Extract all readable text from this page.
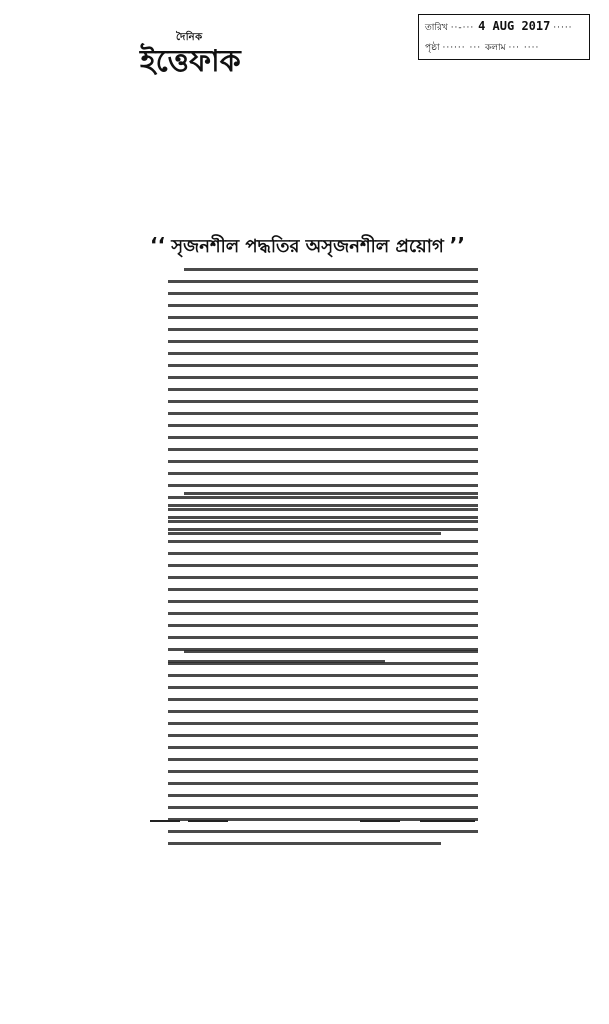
দৈনিক
ইত্তেফাক
তারিখ ··-··· 4 AUG 2017 ·····
পৃষ্ঠা ······ ··· কলাম ··· ····
‘‘ সৃজনশীল পদ্ধতির অসৃজনশীল প্রয়োগ ’’
